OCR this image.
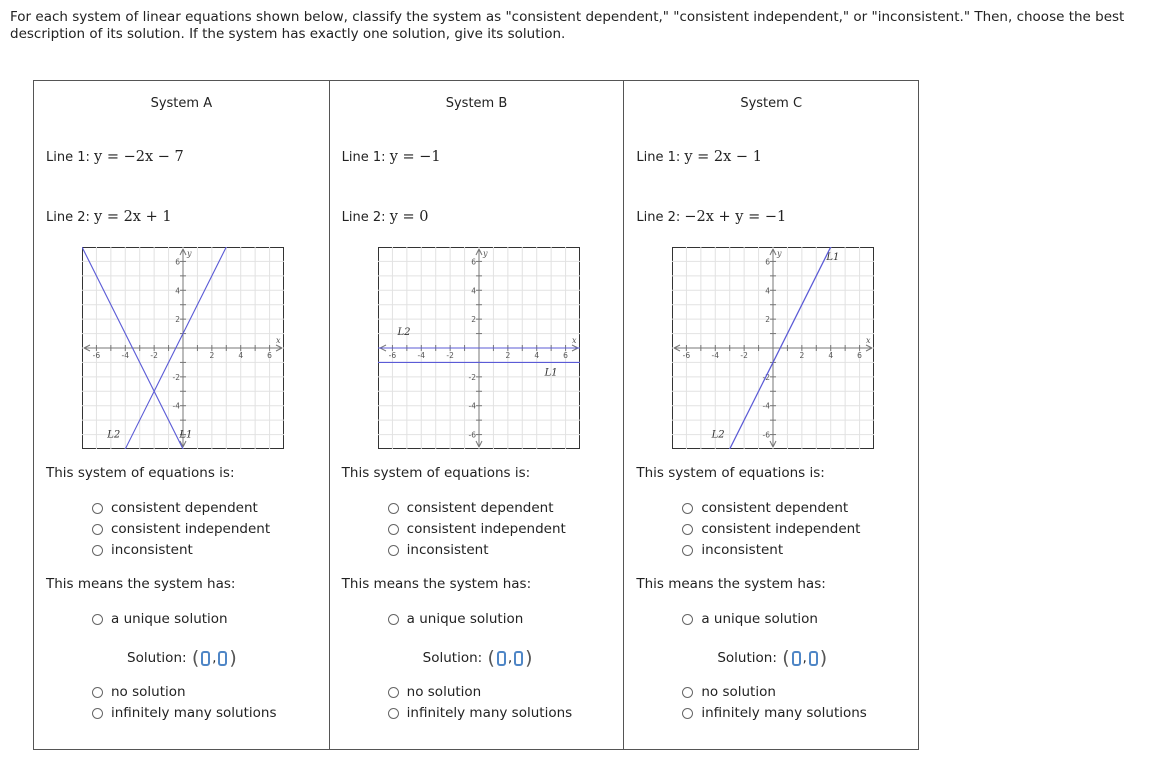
For each system of linear equations shown below, classify the system as "consistent dependent," "consistent independent," or "inconsistent." Then, choose the best description of its solution. If the system has exactly one solution, give its solution.

System A
Line 1: y = −2x − 7
Line 2: y = 2x + 1
-6	-4	-2	2	4	6
6
4
2
-2
-4
x
y
L1
L2
This system of equations is:
consistent dependent
consistent independent
inconsistent
This means the system has:
a unique solution
Solution:
( , )
no solution
infinitely many solutions
System B
Line 1: y = −1
Line 2: y = 0
-6	-4	-2	2	4	6
6
4
2
-2
-4
-6
x
y
L1
L2
This system of equations is:
consistent dependent
consistent independent
inconsistent
This means the system has:
a unique solution
Solution:
( , )
no solution
infinitely many solutions
System C
Line 1: y = 2x − 1
Line 2: −2x + y = −1
-6	-4	-2	2	4	6
6
4
2
-2
-4
-6
x
y	L1
L2
This system of equations is:
consistent dependent
consistent independent
inconsistent
This means the system has:
a unique solution
Solution:
( , )
no solution
infinitely many solutions
